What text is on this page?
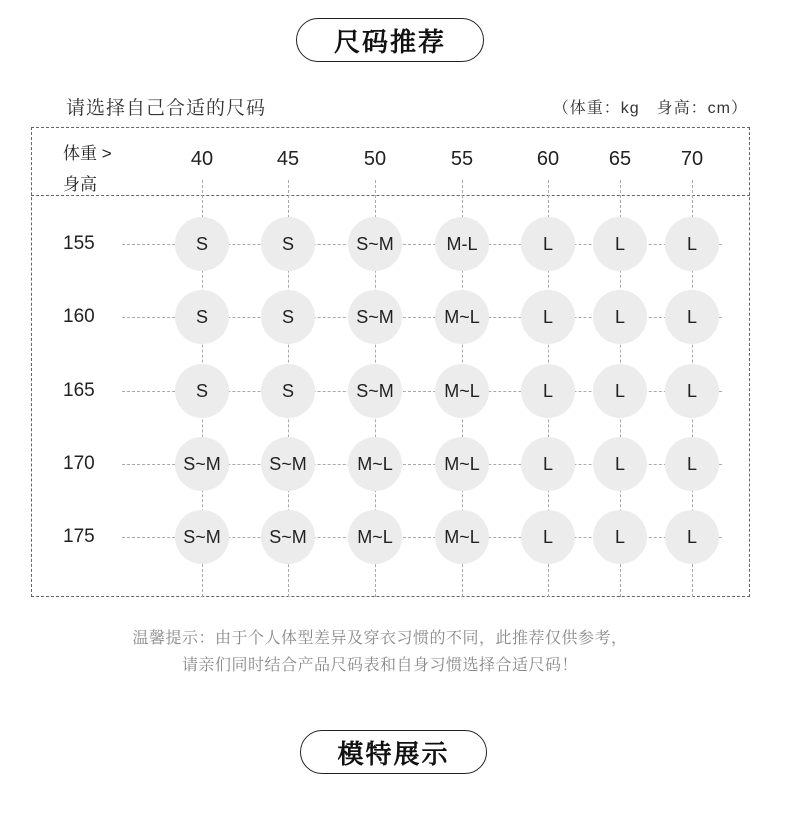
尺码推荐
请选择自己合适的尺码	（体重：kg　身高：cm）
体重 >
身高
40	45	50	55	60	65	70
155	S	S	S~M	M-L	L	L	L
160	S	S	S~M	M~L	L	L	L
165	S	S	S~M	M~L	L	L	L
170	S~M	S~M	M~L	M~L	L	L	L
175	S~M	S~M	M~L	M~L	L	L	L
温馨提示：由于个人体型差异及穿衣习惯的不同，此推荐仅供参考，
请亲们同时结合产品尺码表和自身习惯选择合适尺码！
模特展示
